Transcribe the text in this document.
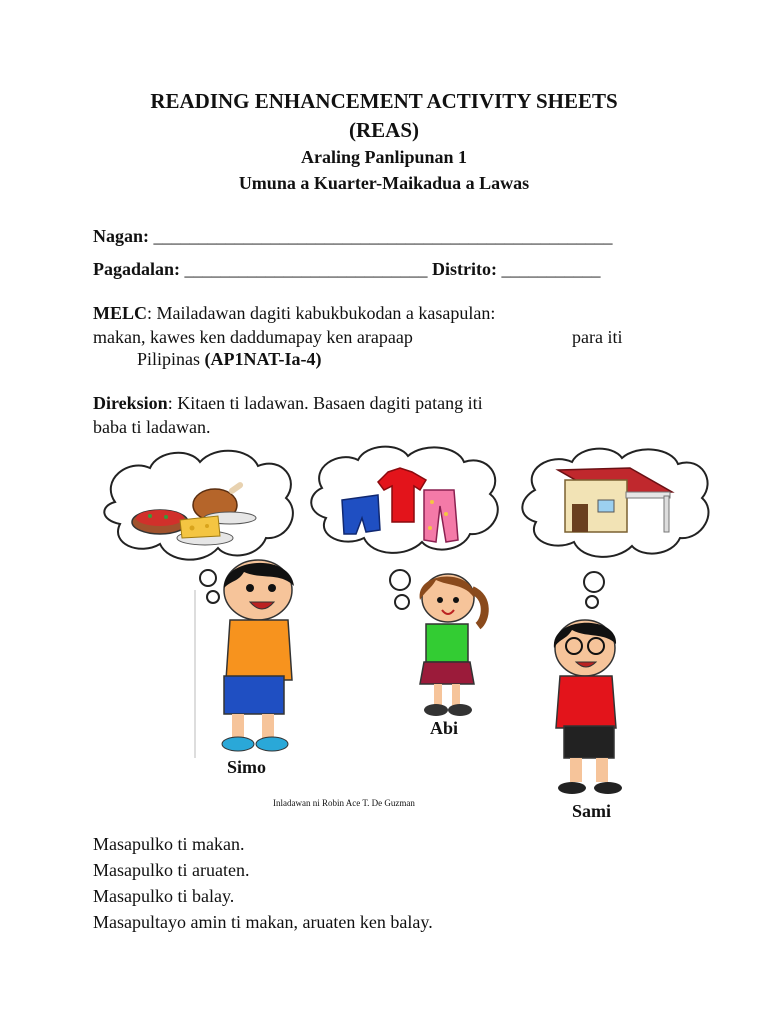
READING ENHANCEMENT ACTIVITY SHEETS
(REAS)
Araling Panlipunan 1
Umuna a Kuarter-Maikadua a Lawas
Nagan: ___________________________________________________
Pagadalan: ___________________________ Distrito: ___________
MELC: Mailadawan dagiti kabukbukodan a kasapulan:
makan, kawes ken daddumapay ken arapaap	para iti
Pilipinas (AP1NAT-Ia-4)
Direksion: Kitaen ti ladawan. Basaen dagiti patang iti
baba ti ladawan.
Simo
Abi
Sami
Inladawan ni Robin Ace T. De Guzman
Masapulko ti makan.
Masapulko ti aruaten.
Masapulko ti balay.
Masapultayo amin ti makan, aruaten ken balay.
